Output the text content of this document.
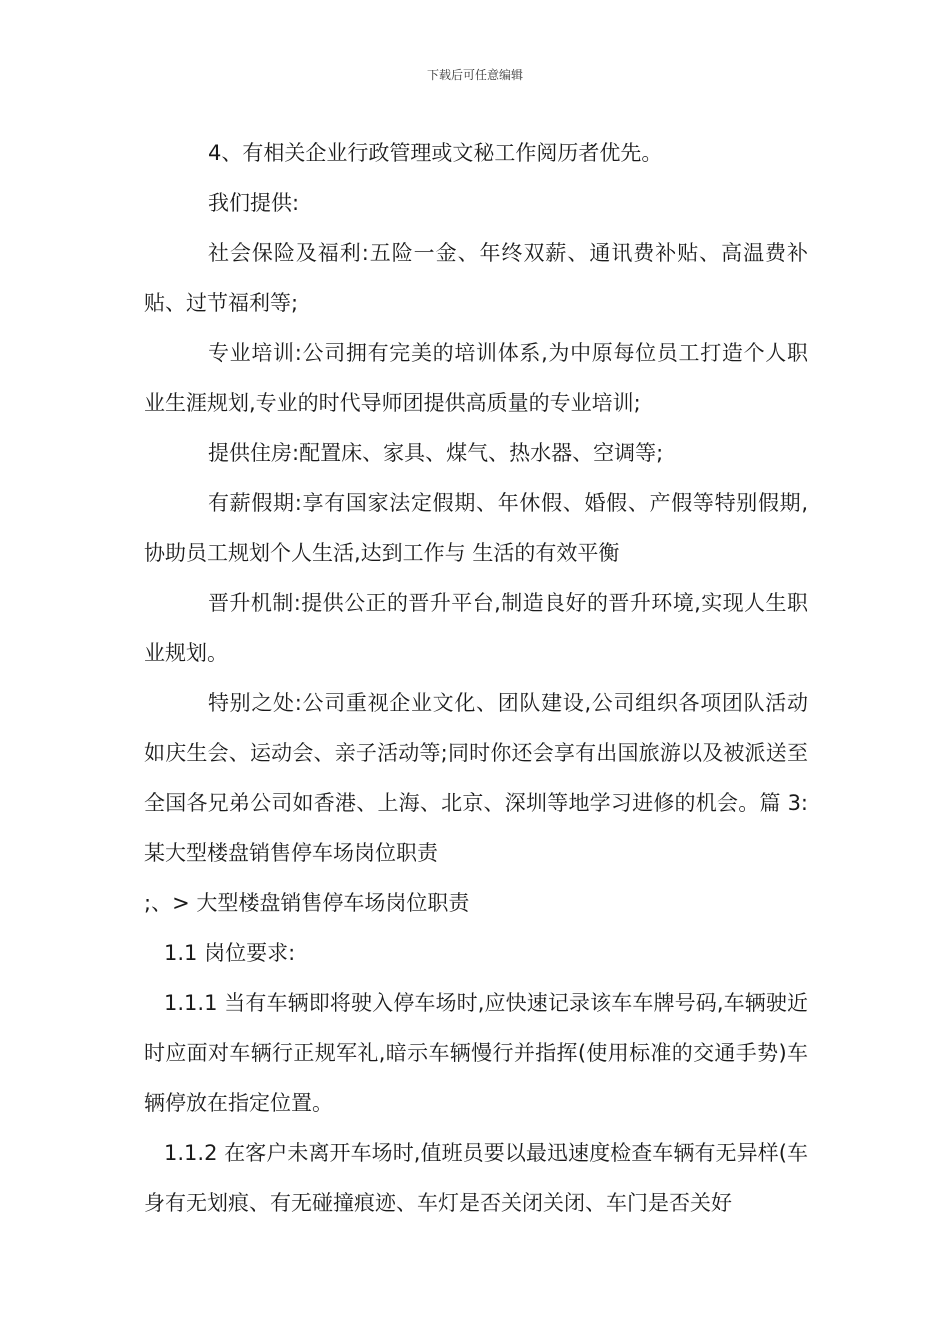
下载后可任意编辑

4、有相关企业行政管理或文秘工作阅历者优先。

我们提供:

社会保险及福利:五险一金、年终双薪、通讯费补贴、高温费补贴、过节福利等;

专业培训:公司拥有完美的培训体系,为中原每位员工打造个人职业生涯规划,专业的时代导师团提供高质量的专业培训;

提供住房:配置床、家具、煤气、热水器、空调等;

有薪假期:享有国家法定假期、年休假、婚假、产假等特别假期,协助员工规划个人生活,达到工作与 生活的有效平衡

晋升机制:提供公正的晋升平台,制造良好的晋升环境,实现人生职业规划。

特别之处:公司重视企业文化、团队建设,公司组织各项团队活动如庆生会、运动会、亲子活动等;同时你还会享有出国旅游以及被派送至全国各兄弟公司如香港、上海、北京、深圳等地学习进修的机会。篇 3:某大型楼盘销售停车场岗位职责

;、> 大型楼盘销售停车场岗位职责

1.1 岗位要求:

1.1.1 当有车辆即将驶入停车场时,应快速记录该车车牌号码,车辆驶近时应面对车辆行正规军礼,暗示车辆慢行并指挥(使用标准的交通手势)车辆停放在指定位置。

1.1.2 在客户未离开车场时,值班员要以最迅速度检查车辆有无异样(车身有无划痕、有无碰撞痕迹、车灯是否关闭关闭、车门是否关好
